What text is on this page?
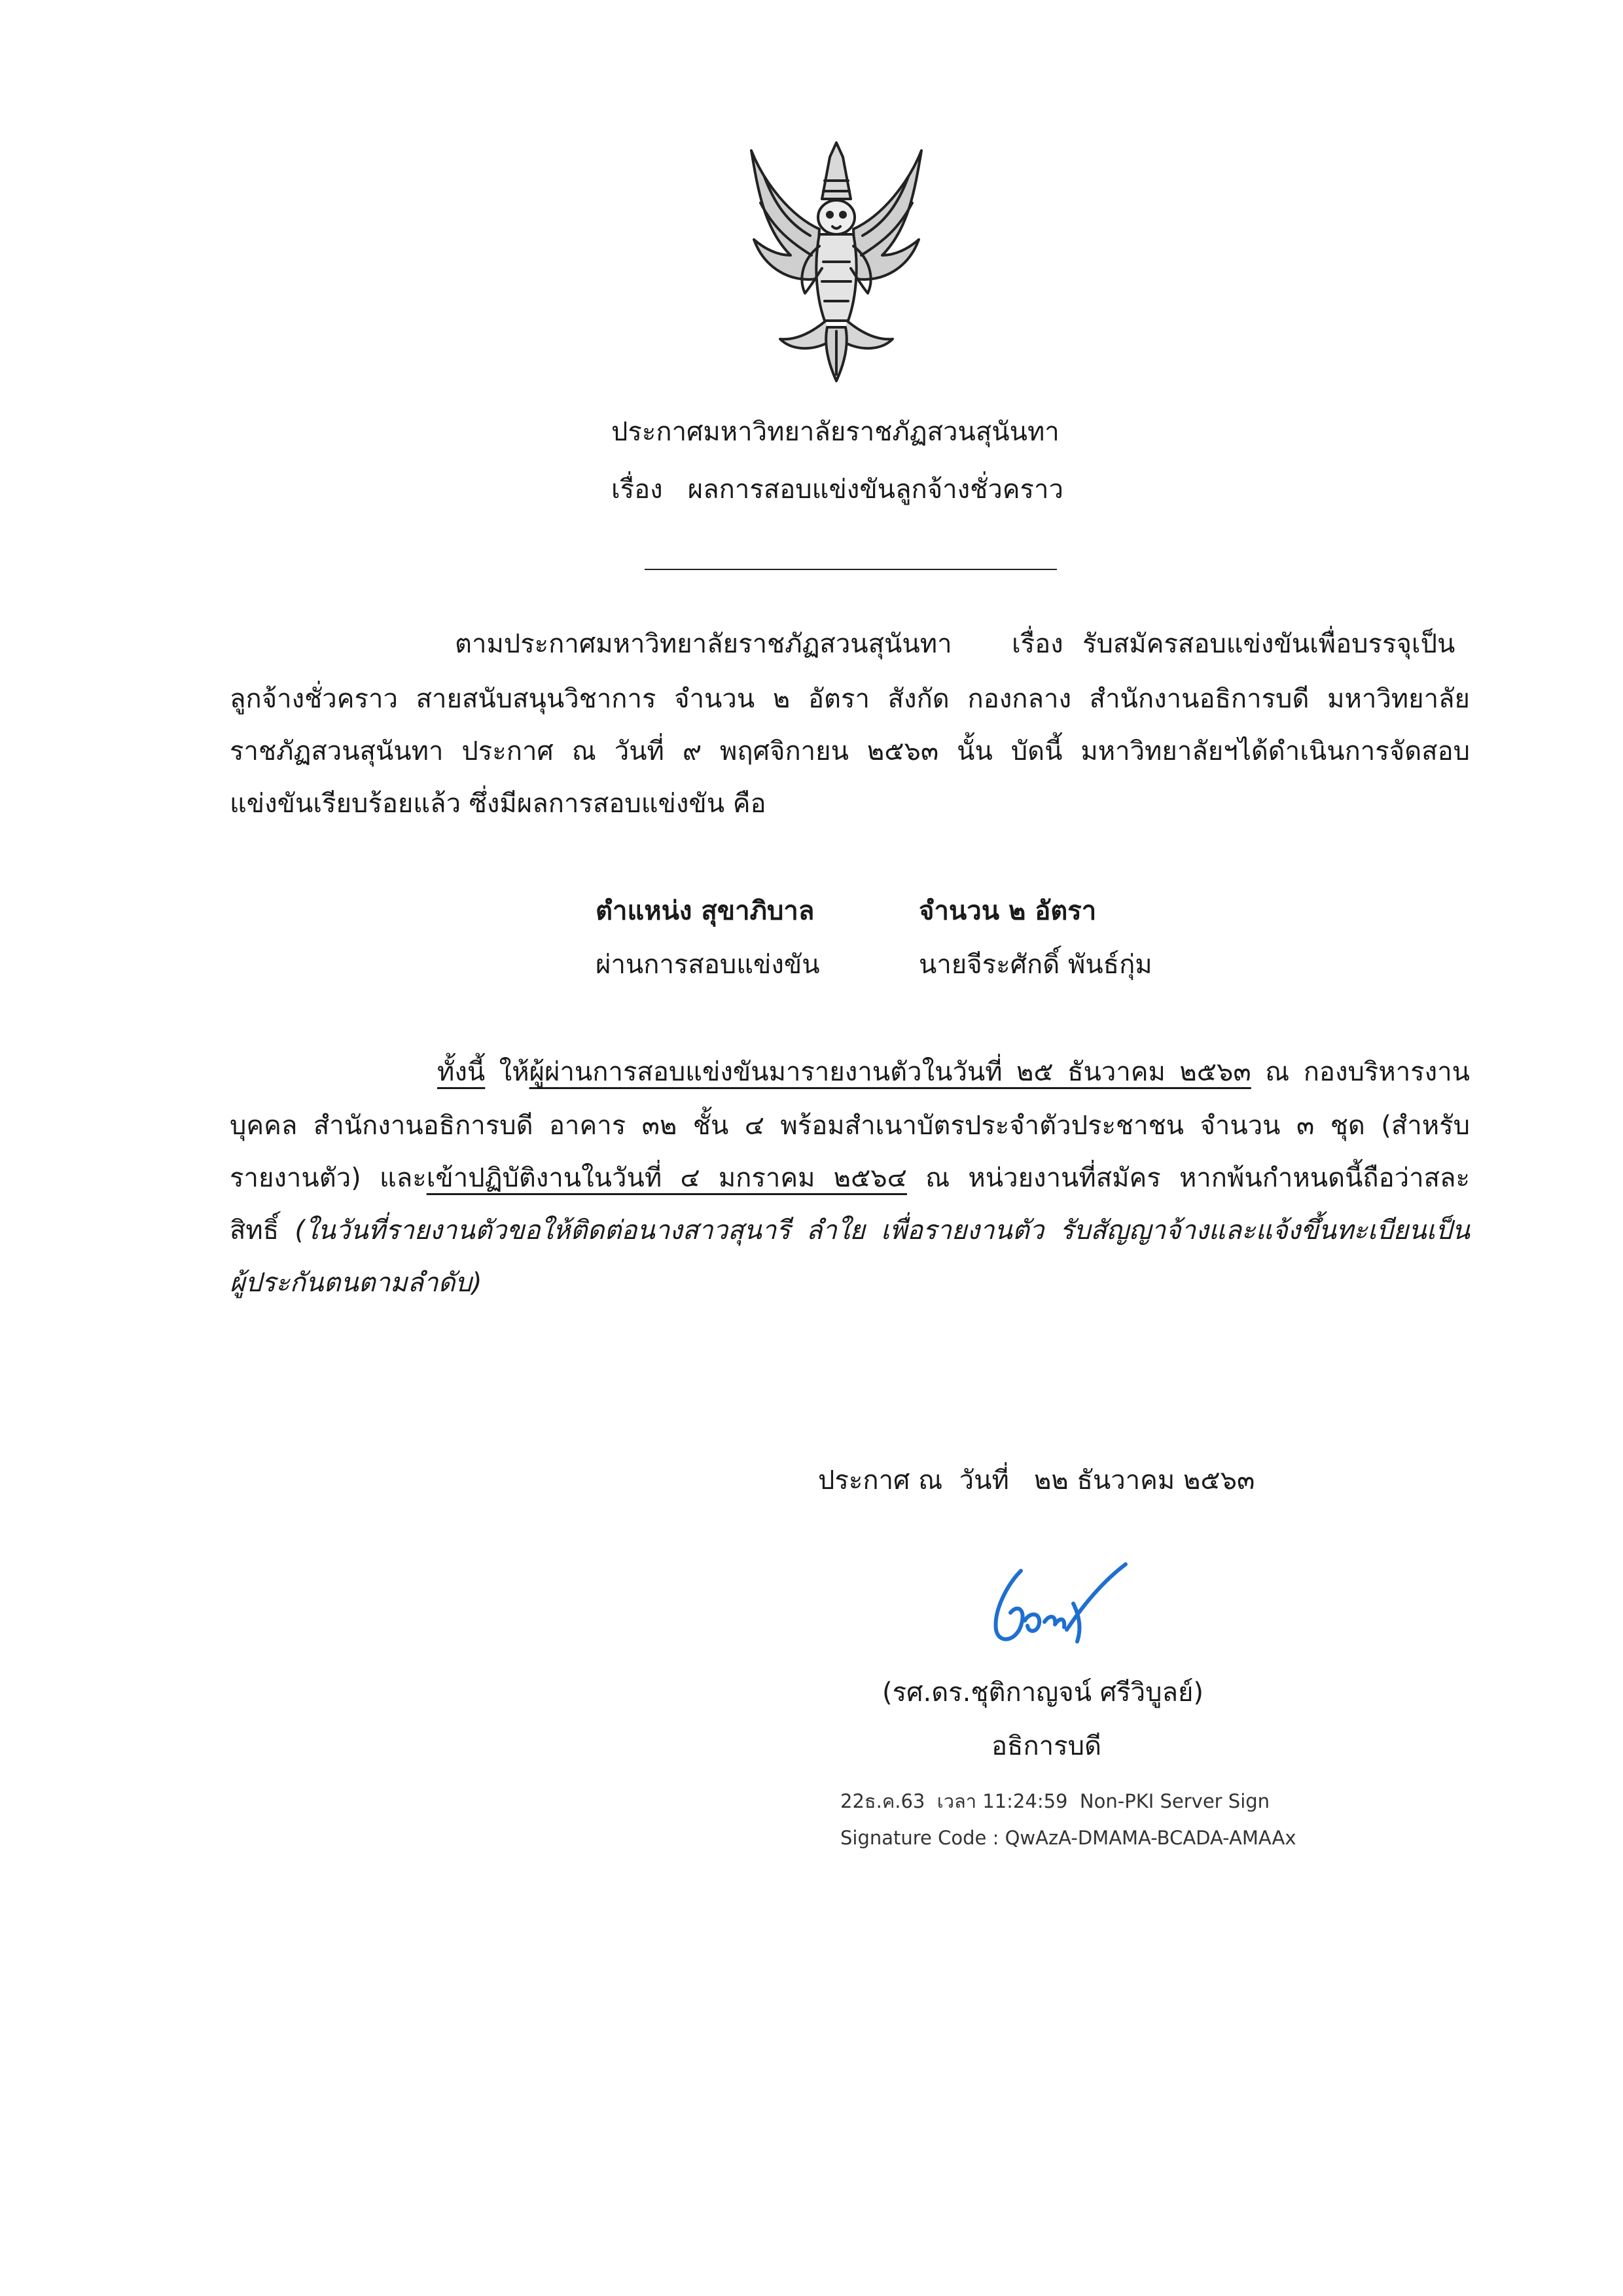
ประกาศมหาวิทยาลัยราชภัฏสวนสุนันทา
เรื่อง ผลการสอบแข่งขันลูกจ้างชั่วคราว
ตามประกาศมหาวิทยาลัยราชภัฏสวนสุนันทา เรื่อง รับสมัครสอบแข่งขันเพื่อบรรจุเป็น
ลูกจ้างชั่วคราว สายสนับสนุนวิชาการ จำนวน ๒ อัตรา สังกัด กองกลาง สำนักงานอธิการบดี มหาวิทยาลัย
ราชภัฏสวนสุนันทา ประกาศ ณ วันที่ ๙ พฤศจิกายน ๒๕๖๓ นั้น บัดนี้ มหาวิทยาลัยฯได้ดำเนินการจัดสอบ
แข่งขันเรียบร้อยแล้ว ซึ่งมีผลการสอบแข่งขัน คือ
ตำแหน่ง สุขาภิบาล	จำนวน ๒ อัตรา
ผ่านการสอบแข่งขัน	นายจีระศักดิ์ พันธ์กุ่ม
ทั้งนี้ ให้ผู้ผ่านการสอบแข่งขันมารายงานตัวในวันที่ ๒๕ ธันวาคม ๒๕๖๓ ณ กองบริหารงาน
บุคคล สำนักงานอธิการบดี อาคาร ๓๒ ชั้น ๔ พร้อมสำเนาบัตรประจำตัวประชาชน จำนวน ๓ ชุด (สำหรับ
รายงานตัว) และเข้าปฏิบัติงานในวันที่ ๔ มกราคม ๒๕๖๔ ณ หน่วยงานที่สมัคร หากพ้นกำหนดนี้ถือว่าสละ
สิทธิ์ (ในวันที่รายงานตัวขอให้ติดต่อนางสาวสุนารี ลำใย เพื่อรายงานตัว รับสัญญาจ้างและแจ้งขึ้นทะเบียนเป็น
ผู้ประกันตนตามลำดับ)
ประกาศ ณ  วันที่   ๒๒ ธันวาคม ๒๕๖๓
(รศ.ดร.ชุติกาญจน์ ศรีวิบูลย์)
อธิการบดี
22ธ.ค.63  เวลา 11:24:59  Non-PKI Server Sign
Signature Code : QwAzA-DMAMA-BCADA-AMAAx
